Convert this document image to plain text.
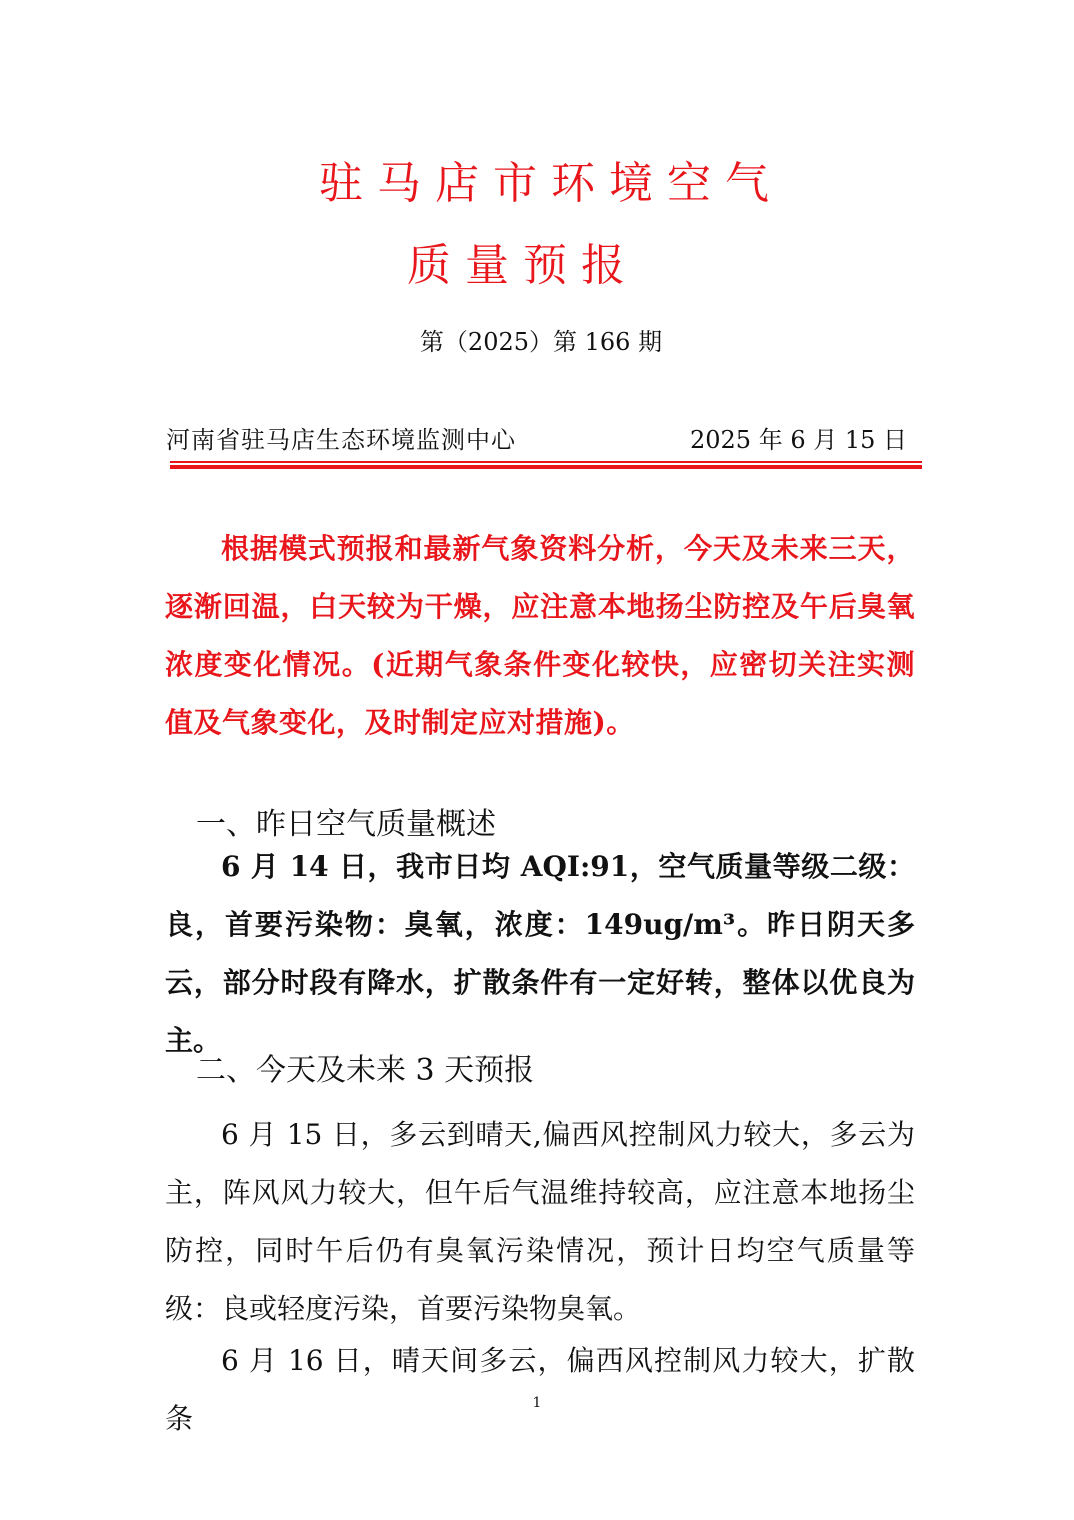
驻马店市环境空气
质量预报
第（2025）第 166 期
河南省驻马店生态环境监测中心	2025 年 6 月 15 日
根据模式预报和最新气象资料分析，今天及未来三天，逐渐回温，白天较为干燥，应注意本地扬尘防控及午后臭氧浓度变化情况。(近期气象条件变化较快，应密切关注实测值及气象变化，及时制定应对措施)。
一、昨日空气质量概述
6 月 14 日，我市日均 AQI:91，空气质量等级二级：良，首要污染物：臭氧，浓度：149ug/m³。昨日阴天多云，部分时段有降水，扩散条件有一定好转，整体以优良为主。
二、今天及未来 3 天预报
6 月 15 日，多云到晴天,偏西风控制风力较大，多云为主，阵风风力较大，但午后气温维持较高，应注意本地扬尘防控，同时午后仍有臭氧污染情况，预计日均空气质量等级：良或轻度污染，首要污染物臭氧。
6 月 16 日，晴天间多云，偏西风控制风力较大，扩散条	1
